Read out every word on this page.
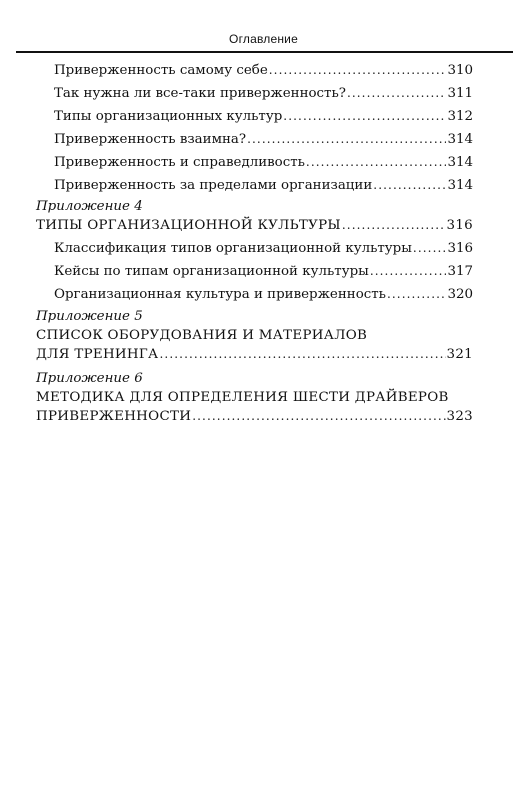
Оглавление
Приверженность самому себе .....	310
Так нужна ли все-таки приверженность? .....	311
Типы организационных культур .....	312
Приверженность взаимна? .....	314
Приверженность и справедливость .....	314
Приверженность за пределами организации .....	314
Приложение 4
ТИПЫ ОРГАНИЗАЦИОННОЙ КУЛЬТУРЫ .....	316
Классификация типов организационной культуры .....	316
Кейсы по типам организационной культуры .....	317
Организационная культура и приверженность .....	320
Приложение 5
СПИСОК ОБОРУДОВАНИЯ И МАТЕРИАЛОВ
ДЛЯ ТРЕНИНГА .....	321
Приложение 6
МЕТОДИКА ДЛЯ ОПРЕДЕЛЕНИЯ ШЕСТИ ДРАЙВЕРОВ
ПРИВЕРЖЕННОСТИ .....	323
